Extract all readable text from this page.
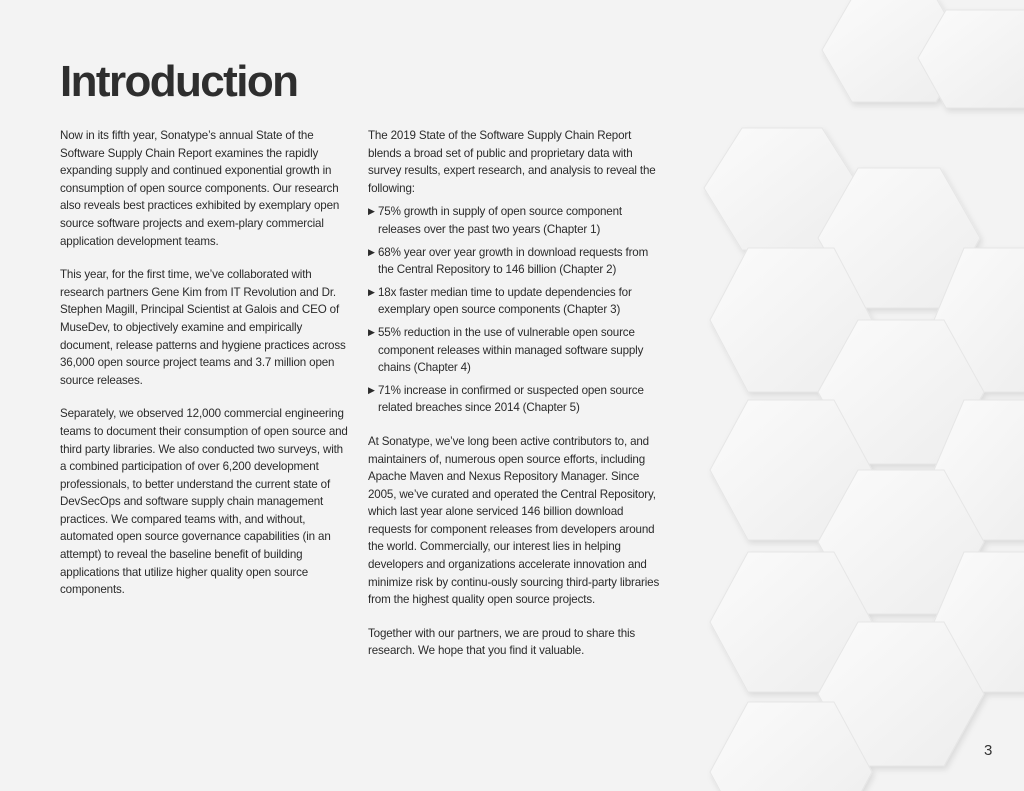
Introduction

Now in its fifth year, Sonatype’s annual State of the Software Supply Chain Report examines the rapidly expanding supply and continued exponential growth in consumption of open source components. Our research also reveals best practices exhibited by exemplary open source software projects and exem-plary commercial application development teams.

This year, for the first time, we’ve collaborated with research partners Gene Kim from IT Revolution and Dr. Stephen Magill, Principal Scientist at Galois and CEO of MuseDev, to objectively examine and empirically document, release patterns and hygiene practices across 36,000 open source project teams and 3.7 million open source releases.

Separately, we observed 12,000 commercial engineering teams to document their consumption of open source and third party libraries. We also conducted two surveys, with a combined participation of over 6,200 development professionals, to better understand the current state of DevSecOps and software supply chain management practices. We compared teams with, and without, automated open source governance capabilities (in an attempt) to reveal the baseline benefit of building applications that utilize higher quality open source components.

The 2019 State of the Software Supply Chain Report blends a broad set of public and proprietary data with survey results, expert research, and analysis to reveal the following:

▶ 75% growth in supply of open source component releases over the past two years (Chapter 1)
▶ 68% year over year growth in download requests from the Central Repository to 146 billion (Chapter 2)
▶ 18x faster median time to update dependencies for exemplary open source components (Chapter 3)
▶ 55% reduction in the use of vulnerable open source component releases within managed software supply chains (Chapter 4)
▶ 71% increase in confirmed or suspected open source related breaches since 2014 (Chapter 5)

At Sonatype, we’ve long been active contributors to, and maintainers of, numerous open source efforts, including Apache Maven and Nexus Repository Manager. Since 2005, we’ve curated and operated the Central Repository, which last year alone serviced 146 billion download requests for component releases from developers around the world. Commercially, our interest lies in helping developers and organizations accelerate innovation and minimize risk by continu-ously sourcing third-party libraries from the highest quality open source projects.

Together with our partners, we are proud to share this research. We hope that you find it valuable.

3
